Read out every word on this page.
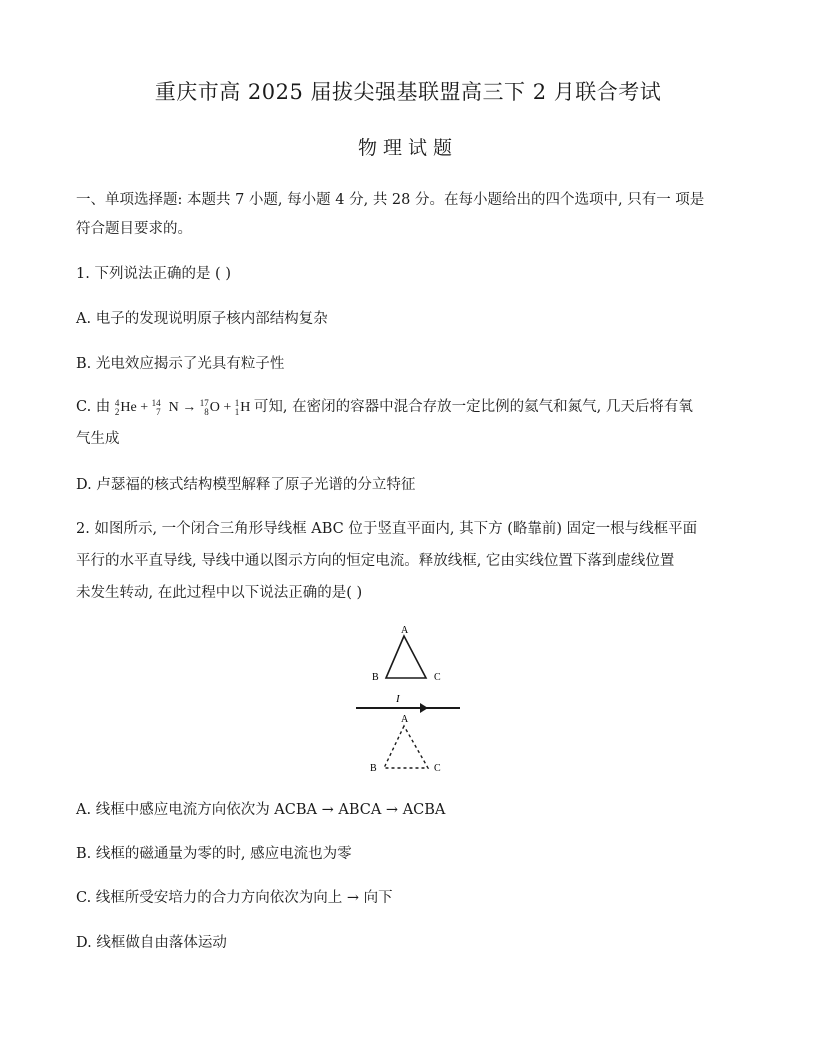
重庆市高 2025 届拔尖强基联盟高三下 2 月联合考试
物理试题
一、单项选择题: 本题共 7 小题, 每小题 4 分, 共 28 分。在每小题给出的四个选项中, 只有一 项是
符合题目要求的。
1. 下列说法正确的是 ( )
A. 电子的发现说明原子核内部结构复杂
B. 光电效应揭示了光具有粒子性
C. 由 4
2 He + 14
7 N → 17
8 O + 1
1 H 可知, 在密闭的容器中混合存放一定比例的氦气和氮气, 几天后将有氧
气生成
D. 卢瑟福的核式结构模型解释了原子光谱的分立特征
2. 如图所示, 一个闭合三角形导线框 ABC 位于竖直平面内, 其下方 (略靠前) 固定一根与线框平面
平行的水平直导线, 导线中通以图示方向的恒定电流。释放线框, 它由实线位置下落到虚线位置
未发生转动, 在此过程中以下说法正确的是( )
A
B	C
I
A
B	C
A. 线框中感应电流方向依次为 ACBA → ABCA → ACBA
B. 线框的磁通量为零的时, 感应电流也为零
C. 线框所受安培力的合力方向依次为向上 → 向下
D. 线框做自由落体运动
